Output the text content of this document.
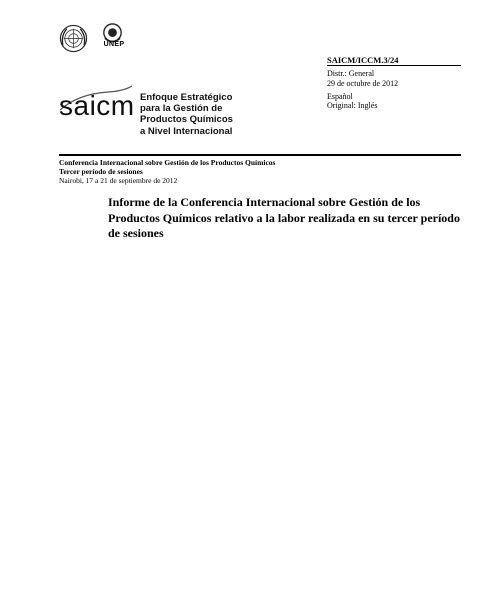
UNEP
SAICM/ICCM.3/24
Distr.: General
29 de octubre de 2012
Español
Original: Inglés
saicm Enfoque Estratégico
para la Gestión de
Productos Químicos
a Nivel Internacional
Conferencia Internacional sobre Gestión de los Productos Químicos
Tercer período de sesiones
Nairobi, 17 a 21 de septiembre de 2012
Informe de la Conferencia Internacional sobre Gestión de los
Productos Químicos relativo a la labor realizada en su tercer período
de sesiones
